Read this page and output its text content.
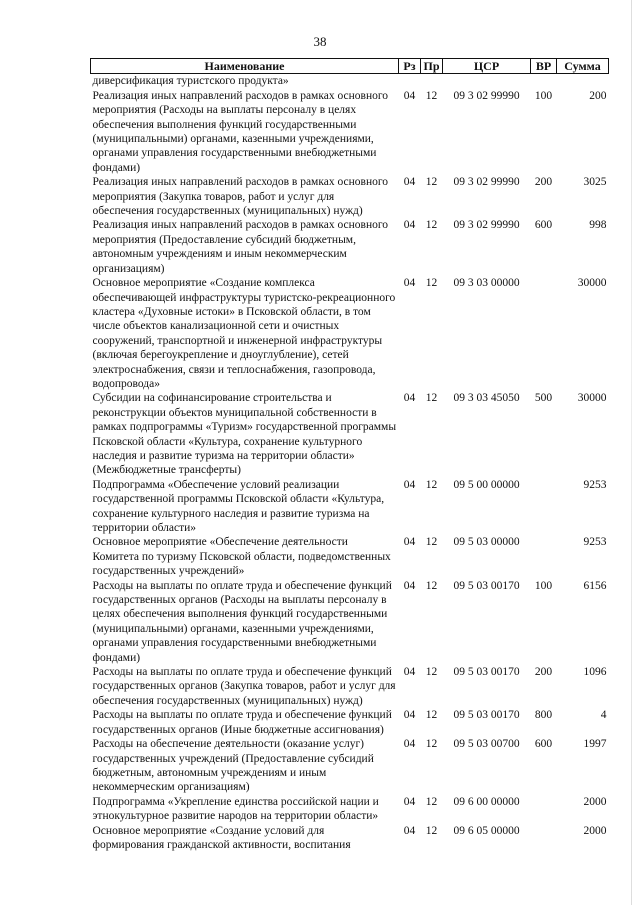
38
Наименование	Рз	Пр	ЦСР	ВР	Сумма
диверсификация туристского продукта»					
Реализация иных направлений расходов в рамках основного мероприятия (Расходы на выплаты персоналу в целях обеспечения выполнения функций государственными (муниципальными) органами, казенными учреждениями, органами управления государственными внебюджетными фондами)	04	12	09 3 02 99990	100	200
Реализация иных направлений расходов в рамках основного мероприятия (Закупка товаров, работ и услуг для обеспечения государственных (муниципальных) нужд)	04	12	09 3 02 99990	200	3025
Реализация иных направлений расходов в рамках основного мероприятия (Предоставление субсидий бюджетным, автономным учреждениям и иным некоммерческим организациям)	04	12	09 3 02 99990	600	998
Основное мероприятие «Создание комплекса обеспечивающей инфраструктуры туристско-рекреационного кластера «Духовные истоки» в Псковской области, в том числе объектов канализационной сети и очистных сооружений, транспортной и инженерной инфраструктуры (включая берегоукрепление и дноуглубление), сетей электроснабжения, связи и теплоснабжения, газопровода, водопровода»	04	12	09 3 03 00000		30000
Субсидии на софинансирование строительства и реконструкции объектов муниципальной собственности в рамках подпрограммы «Туризм» государственной программы Псковской области «Культура, сохранение культурного наследия и развитие туризма на территории области» (Межбюджетные трансферты)	04	12	09 3 03 45050	500	30000
Подпрограмма «Обеспечение условий реализации государственной программы Псковской области «Культура, сохранение культурного наследия и развитие туризма на территории области»	04	12	09 5 00 00000		9253
Основное мероприятие «Обеспечение деятельности Комитета по туризму Псковской области, подведомственных государственных учреждений»	04	12	09 5 03 00000		9253
Расходы на выплаты по оплате труда и обеспечение функций государственных органов (Расходы на выплаты персоналу в целях обеспечения выполнения функций государственными (муниципальными) органами, казенными учреждениями, органами управления государственными внебюджетными фондами)	04	12	09 5 03 00170	100	6156
Расходы на выплаты по оплате труда и обеспечение функций государственных органов (Закупка товаров, работ и услуг для обеспечения государственных (муниципальных) нужд)	04	12	09 5 03 00170	200	1096
Расходы на выплаты по оплате труда и обеспечение функций государственных органов (Иные бюджетные ассигнования)	04	12	09 5 03 00170	800	4
Расходы на обеспечение деятельности (оказание услуг) государственных учреждений (Предоставление субсидий бюджетным, автономным учреждениям и иным некоммерческим организациям)	04	12	09 5 03 00700	600	1997
Подпрограмма «Укрепление единства российской нации и этнокультурное развитие народов на территории области»	04	12	09 6 00 00000		2000
Основное мероприятие «Создание условий для формирования гражданской активности, воспитания	04	12	09 6 05 00000		2000
